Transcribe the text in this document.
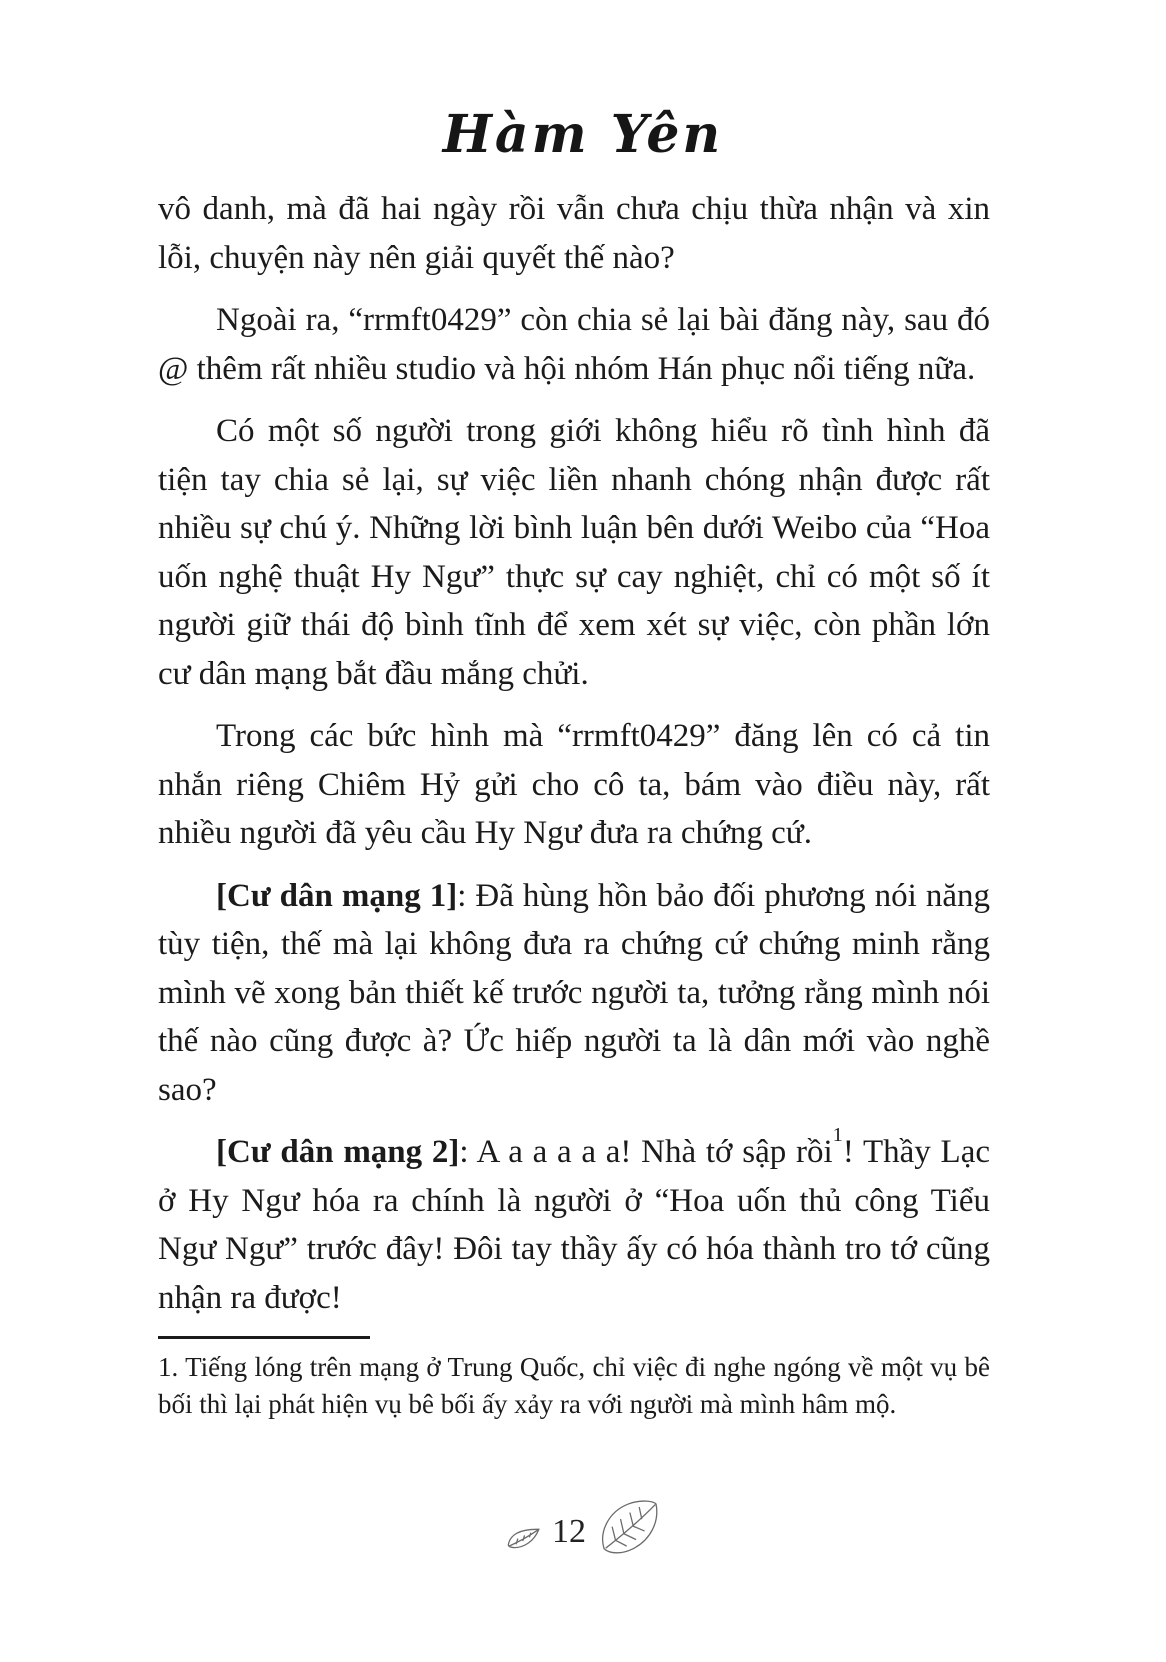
Hàm Yên

vô danh, mà đã hai ngày rồi vẫn chưa chịu thừa nhận và xin lỗi, chuyện này nên giải quyết thế nào?

Ngoài ra, “rrmft0429” còn chia sẻ lại bài đăng này, sau đó @ thêm rất nhiều studio và hội nhóm Hán phục nổi tiếng nữa.

Có một số người trong giới không hiểu rõ tình hình đã tiện tay chia sẻ lại, sự việc liền nhanh chóng nhận được rất nhiều sự chú ý. Những lời bình luận bên dưới Weibo của “Hoa uốn nghệ thuật Hy Ngư” thực sự cay nghiệt, chỉ có một số ít người giữ thái độ bình tĩnh để xem xét sự việc, còn phần lớn cư dân mạng bắt đầu mắng chửi.

Trong các bức hình mà “rrmft0429” đăng lên có cả tin nhắn riêng Chiêm Hỷ gửi cho cô ta, bám vào điều này, rất nhiều người đã yêu cầu Hy Ngư đưa ra chứng cứ.

[Cư dân mạng 1]: Đã hùng hồn bảo đối phương nói năng tùy tiện, thế mà lại không đưa ra chứng cứ chứng minh rằng mình vẽ xong bản thiết kế trước người ta, tưởng rằng mình nói thế nào cũng được à? Ức hiếp người ta là dân mới vào nghề sao?

[Cư dân mạng 2]: A a a a a a! Nhà tớ sập rồi$^1$! Thầy Lạc ở Hy Ngư hóa ra chính là người ở “Hoa uốn thủ công Tiểu Ngư Ngư” trước đây! Đôi tay thầy ấy có hóa thành tro tớ cũng nhận ra được!

1. Tiếng lóng trên mạng ở Trung Quốc, chỉ việc đi nghe ngóng về một vụ bê bối thì lại phát hiện vụ bê bối ấy xảy ra với người mà mình hâm mộ.
12
